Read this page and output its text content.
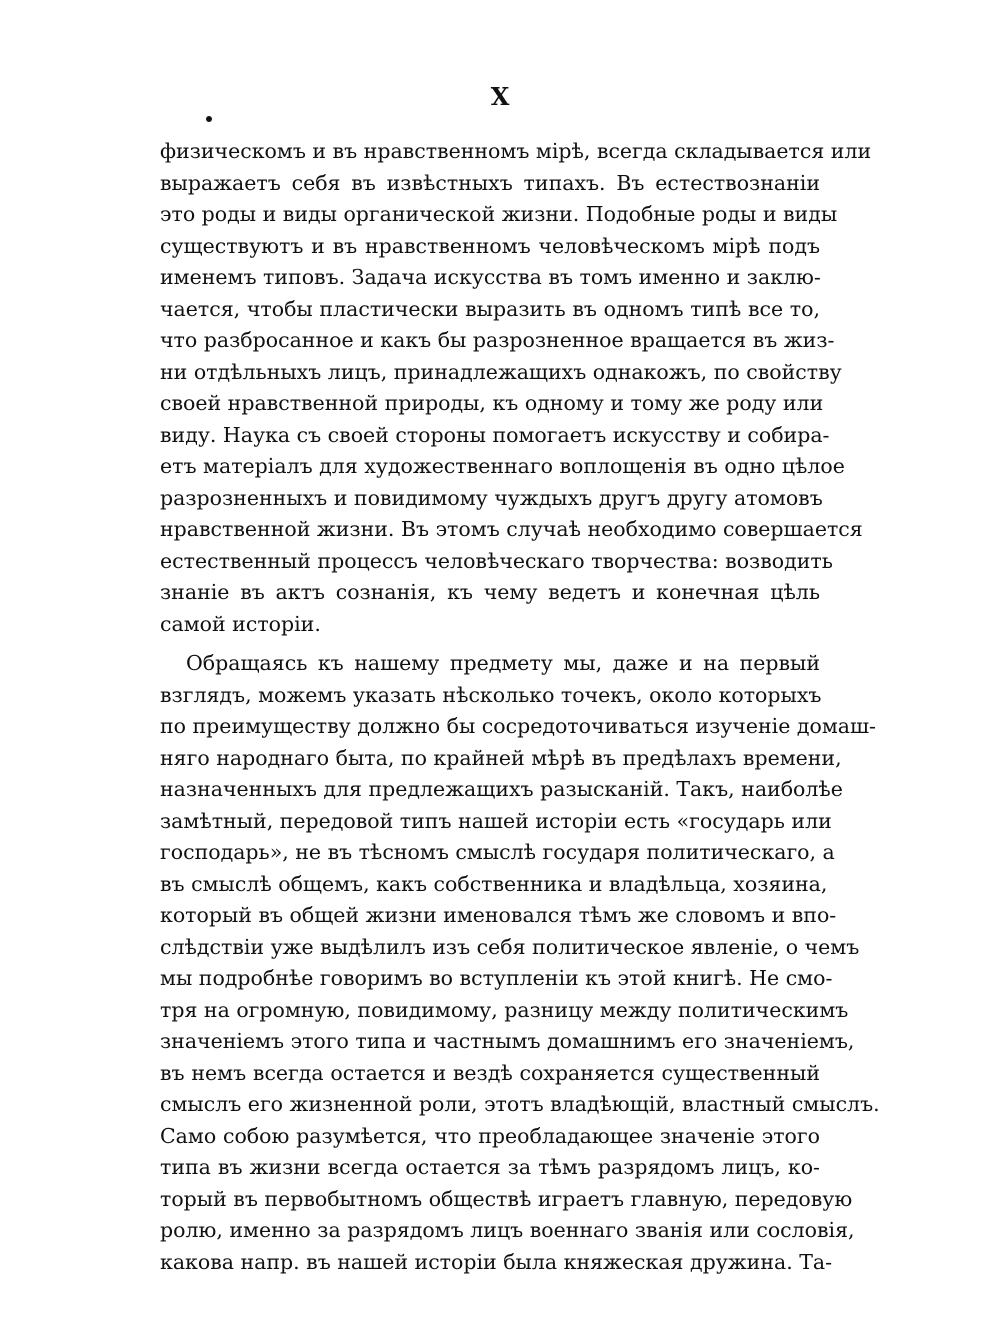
X
физическомъ и въ нравственномъ мірѣ, всегда складывается или
выражаетъ себя въ извѣстныхъ типахъ. Въ естествознаніи
это роды и виды органической жизни. Подобные роды и виды
существуютъ и въ нравственномъ человѣческомъ мірѣ подъ
именемъ типовъ. Задача искусства въ томъ именно и заклю-
чается, чтобы пластически выразить въ одномъ типѣ все то,
что разбросанное и какъ бы разрозненное вращается въ жиз-
ни отдѣльныхъ лицъ, принадлежащихъ однакожъ, по свойству
своей нравственной природы, къ одному и тому же роду или
виду. Наука съ своей стороны помогаетъ искусству и собира-
етъ матеріалъ для художественнаго воплощенія въ одно цѣлое
разрозненныхъ и повидимому чуждыхъ другъ другу атомовъ
нравственной жизни. Въ этомъ случаѣ необходимо совершается
естественный процессъ человѣческаго творчества: возводить
знаніе въ актъ сознанія, къ чему ведетъ и конечная цѣль
самой исторіи.
Обращаясь къ нашему предмету мы, даже и на первый
взглядъ, можемъ указать нѣсколько точекъ, около которыхъ
по преимуществу должно бы сосредоточиваться изученіе домаш-
няго народнаго быта, по крайней мѣрѣ въ предѣлахъ времени,
назначенныхъ для предлежащихъ разысканій. Такъ, наиболѣе
замѣтный, передовой типъ нашей исторіи есть «государь или
господарь», не въ тѣсномъ смыслѣ государя политическаго, а
въ смыслѣ общемъ, какъ собственника и владѣльца, хозяина,
который въ общей жизни именовался тѣмъ же словомъ и впо-
слѣдствіи уже выдѣлилъ изъ себя политическое явленіе, о чемъ
мы подробнѣе говоримъ во вступленіи къ этой книгѣ. Не смо-
тря на огромную, повидимому, разницу между политическимъ
значеніемъ этого типа и частнымъ домашнимъ его значеніемъ,
въ немъ всегда остается и вездѣ сохраняется существенный
смыслъ его жизненной роли, этотъ владѣющій, властный смыслъ.
Само собою разумѣется, что преобладающее значеніе этого
типа въ жизни всегда остается за тѣмъ разрядомъ лицъ, ко-
торый въ первобытномъ обществѣ играетъ главную, передовую
ролю, именно за разрядомъ лицъ военнаго званія или сословія,
какова напр. въ нашей исторіи была княжеская дружина. Та-
